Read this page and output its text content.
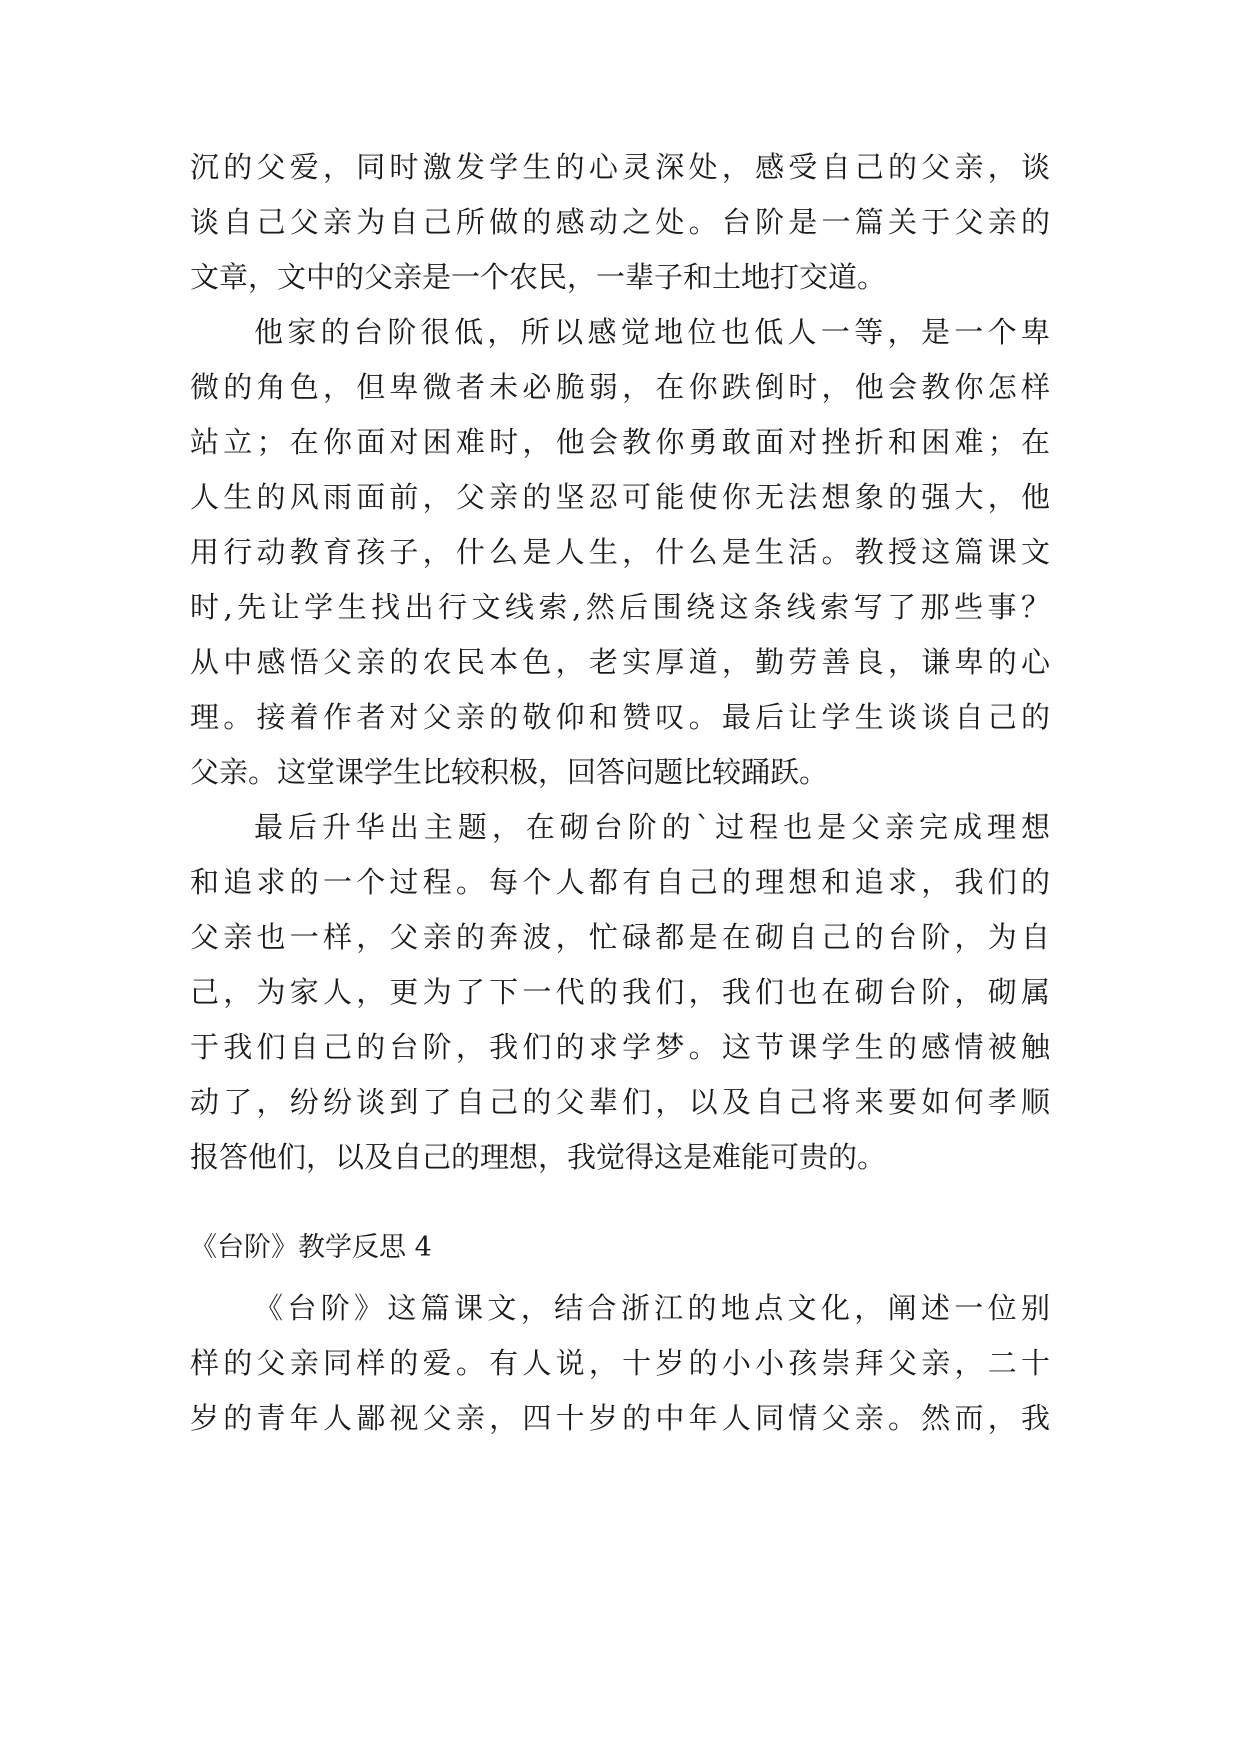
沉的父爱，同时激发学生的心灵深处，感受自己的父亲，谈
谈自己父亲为自己所做的感动之处。台阶是一篇关于父亲的
文章，文中的父亲是一个农民，一辈子和土地打交道。
他家的台阶很低，所以感觉地位也低人一等，是一个卑
微的角色，但卑微者未必脆弱，在你跌倒时，他会教你怎样
站立；在你面对困难时，他会教你勇敢面对挫折和困难；在
人生的风雨面前，父亲的坚忍可能使你无法想象的强大，他
用行动教育孩子，什么是人生，什么是生活。教授这篇课文
时,先让学生找出行文线索,然后围绕这条线索写了那些事？
从中感悟父亲的农民本色，老实厚道，勤劳善良，谦卑的心
理。接着作者对父亲的敬仰和赞叹。最后让学生谈谈自己的
父亲。这堂课学生比较积极，回答问题比较踊跃。
最后升华出主题，在砌台阶的`过程也是父亲完成理想
和追求的一个过程。每个人都有自己的理想和追求，我们的
父亲也一样，父亲的奔波，忙碌都是在砌自己的台阶，为自
己，为家人，更为了下一代的我们，我们也在砌台阶，砌属
于我们自己的台阶，我们的求学梦。这节课学生的感情被触
动了，纷纷谈到了自己的父辈们，以及自己将来要如何孝顺
报答他们，以及自己的理想，我觉得这是难能可贵的。
《台阶》教学反思 4
《台阶》这篇课文，结合浙江的地点文化，阐述一位别
样的父亲同样的爱。有人说，十岁的小小孩崇拜父亲，二十
岁的青年人鄙视父亲，四十岁的中年人同情父亲。然而，我
